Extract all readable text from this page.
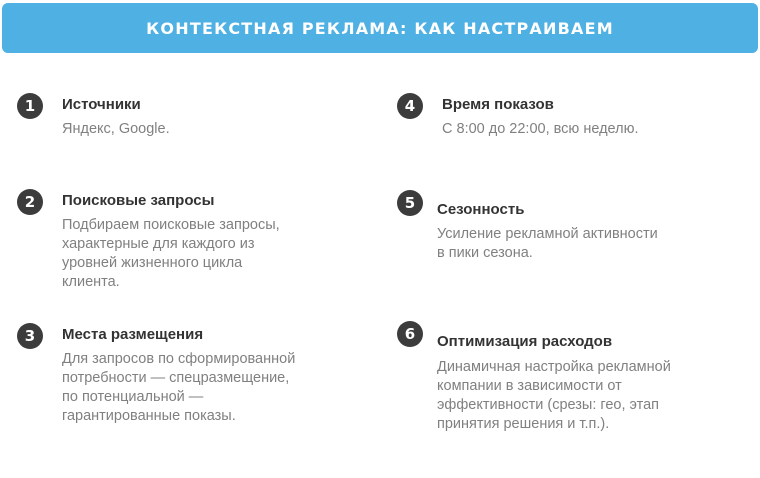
КОНТЕКСТНАЯ РЕКЛАМА: КАК НАСТРАИВАЕМ
1	Источники
Яндекс, Google.
2	Поисковые запросы
Подбираем поисковые запросы,
характерные для каждого из
уровней жизненного цикла
клиента.
3	Места размещения
Для запросов по сформированной
потребности — спецразмещение,
по потенциальной —
гарантированные показы.
4	Время показов
С 8:00 до 22:00, всю неделю.
5	Сезонность
Усиление рекламной активности
в пики сезона.
6	Оптимизация расходов
Динамичная настройка рекламной
компании в зависимости от
эффективности (срезы: гео, этап
принятия решения и т.п.).
